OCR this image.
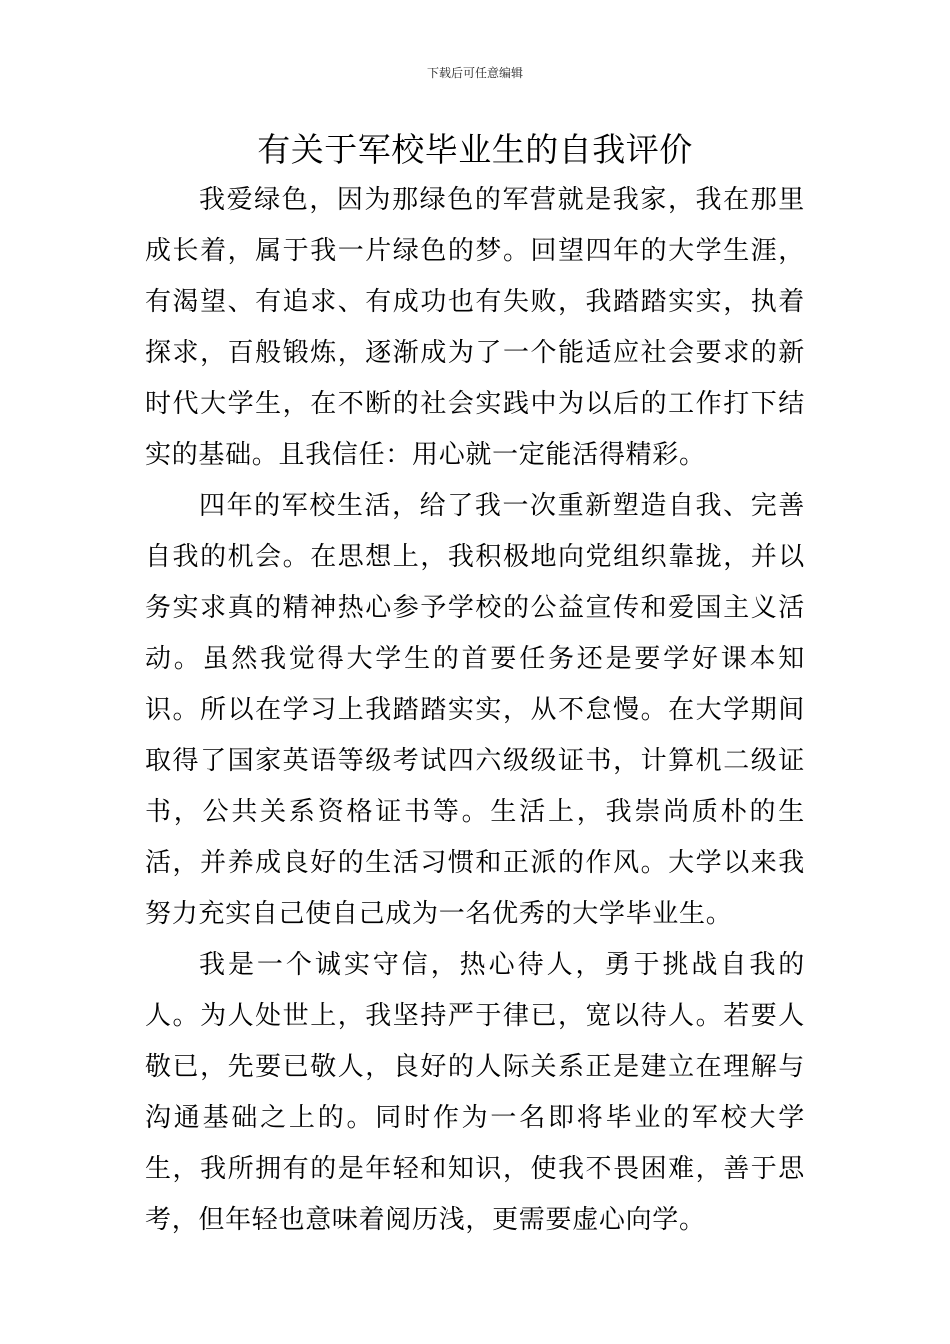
下载后可任意编辑
有关于军校毕业生的自我评价

我爱绿色，因为那绿色的军营就是我家，我在那里成长着，属于我一片绿色的梦。回望四年的大学生涯，有渴望、有追求、有成功也有失败，我踏踏实实，执着探求，百般锻炼，逐渐成为了一个能适应社会要求的新时代大学生，在不断的社会实践中为以后的工作打下结实的基础。且我信任：用心就一定能活得精彩。

四年的军校生活，给了我一次重新塑造自我、完善自我的机会。在思想上，我积极地向党组织靠拢，并以务实求真的精神热心参予学校的公益宣传和爱国主义活动。虽然我觉得大学生的首要任务还是要学好课本知识。所以在学习上我踏踏实实，从不怠慢。在大学期间取得了国家英语等级考试四六级级证书，计算机二级证书，公共关系资格证书等。生活上，我崇尚质朴的生活，并养成良好的生活习惯和正派的作风。大学以来我努力充实自己使自己成为一名优秀的大学毕业生。

我是一个诚实守信，热心待人，勇于挑战自我的人。为人处世上，我坚持严于律已，宽以待人。若要人敬已，先要已敬人，良好的人际关系正是建立在理解与沟通基础之上的。同时作为一名即将毕业的军校大学生，我所拥有的是年轻和知识，使我不畏困难，善于思考，但年轻也意味着阅历浅，更需要虚心向学。
